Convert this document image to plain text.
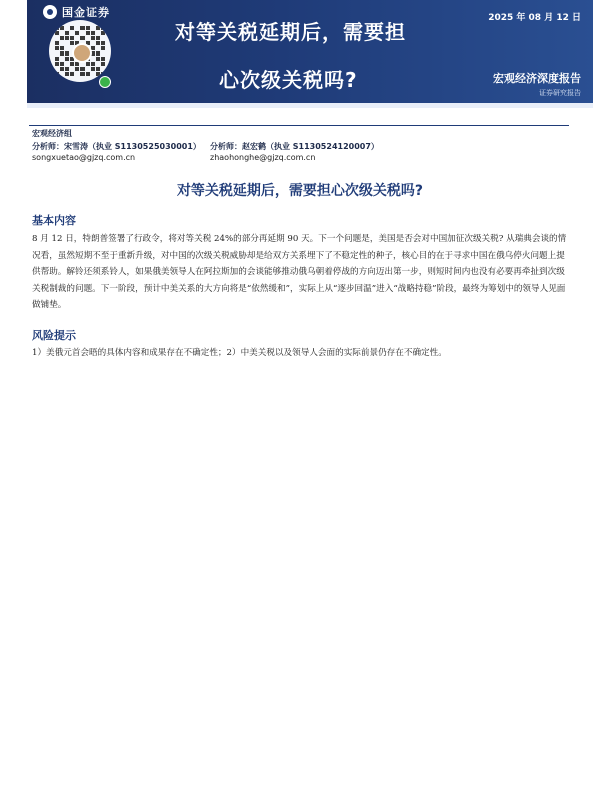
国金证券	2025 年 08 月 12 日
对等关税延期后，需要担
心次级关税吗?	宏观经济深度报告
证券研究报告
宏观经济组
分析师：宋雪涛（执业 S1130525030001） 分析师：赵宏鹤（执业 S1130524120007）
songxuetao@gjzq.com.cn	zhaohonghe@gjzq.com.cn
对等关税延期后，需要担心次级关税吗?
基本内容

8 月 12 日，特朗普签署了行政令，将对等关税 24%的部分再延期 90 天。下一个问题是，美国是否会对中国加征次级关税? 从瑞典会谈的情况看，虽然短期不至于重新升级，对中国的次级关税威胁却是给双方关系埋下了不稳定性的种子，核心目的在于寻求中国在俄乌停火问题上提供帮助。解铃还须系铃人，如果俄美领导人在阿拉斯加的会谈能够推动俄乌朝着停战的方向迈出第一步，则短时间内也没有必要再牵扯到次级关税制裁的问题。下一阶段，预计中美关系的大方向将是“依然缓和”，实际上从“逐步回温”进入“战略持稳”阶段，最终为筹划中的领导人见面做铺垫。

风险提示

1）美俄元首会晤的具体内容和成果存在不确定性；2）中美关税以及领导人会面的实际前景仍存在不确定性。
